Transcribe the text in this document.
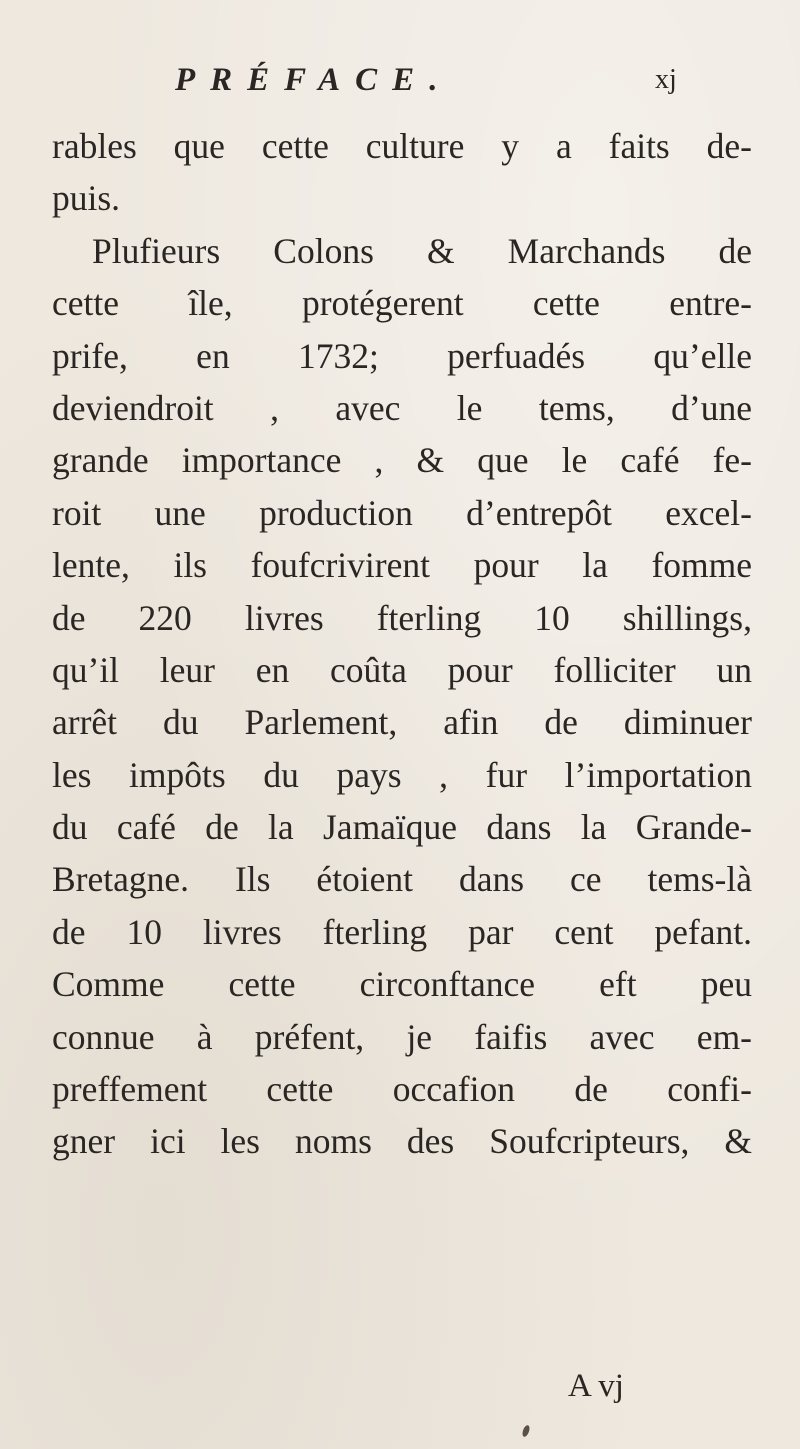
PRÉFACE.	xj
rables que cette culture y a faits de-
puis.
Plufieurs Colons & Marchands de
cette île, protégerent cette entre-
prife, en 1732; perfuadés qu’elle
deviendroit , avec le tems, d’une
grande importance , & que le café fe-
roit une production d’entrepôt excel-
lente, ils foufcrivirent pour la fomme
de 220 livres fterling 10 shillings,
qu’il leur en coûta pour folliciter un
arrêt du Parlement, afin de diminuer
les impôts du pays , fur l’importation
du café de la Jamaïque dans la Grande-
Bretagne. Ils étoient dans ce tems-là
de 10 livres fterling par cent pefant.
Comme cette circonftance eft peu
connue à préfent, je faifis avec em-
preffement cette occafion de confi-
gner ici les noms des Soufcripteurs, &
A vj
